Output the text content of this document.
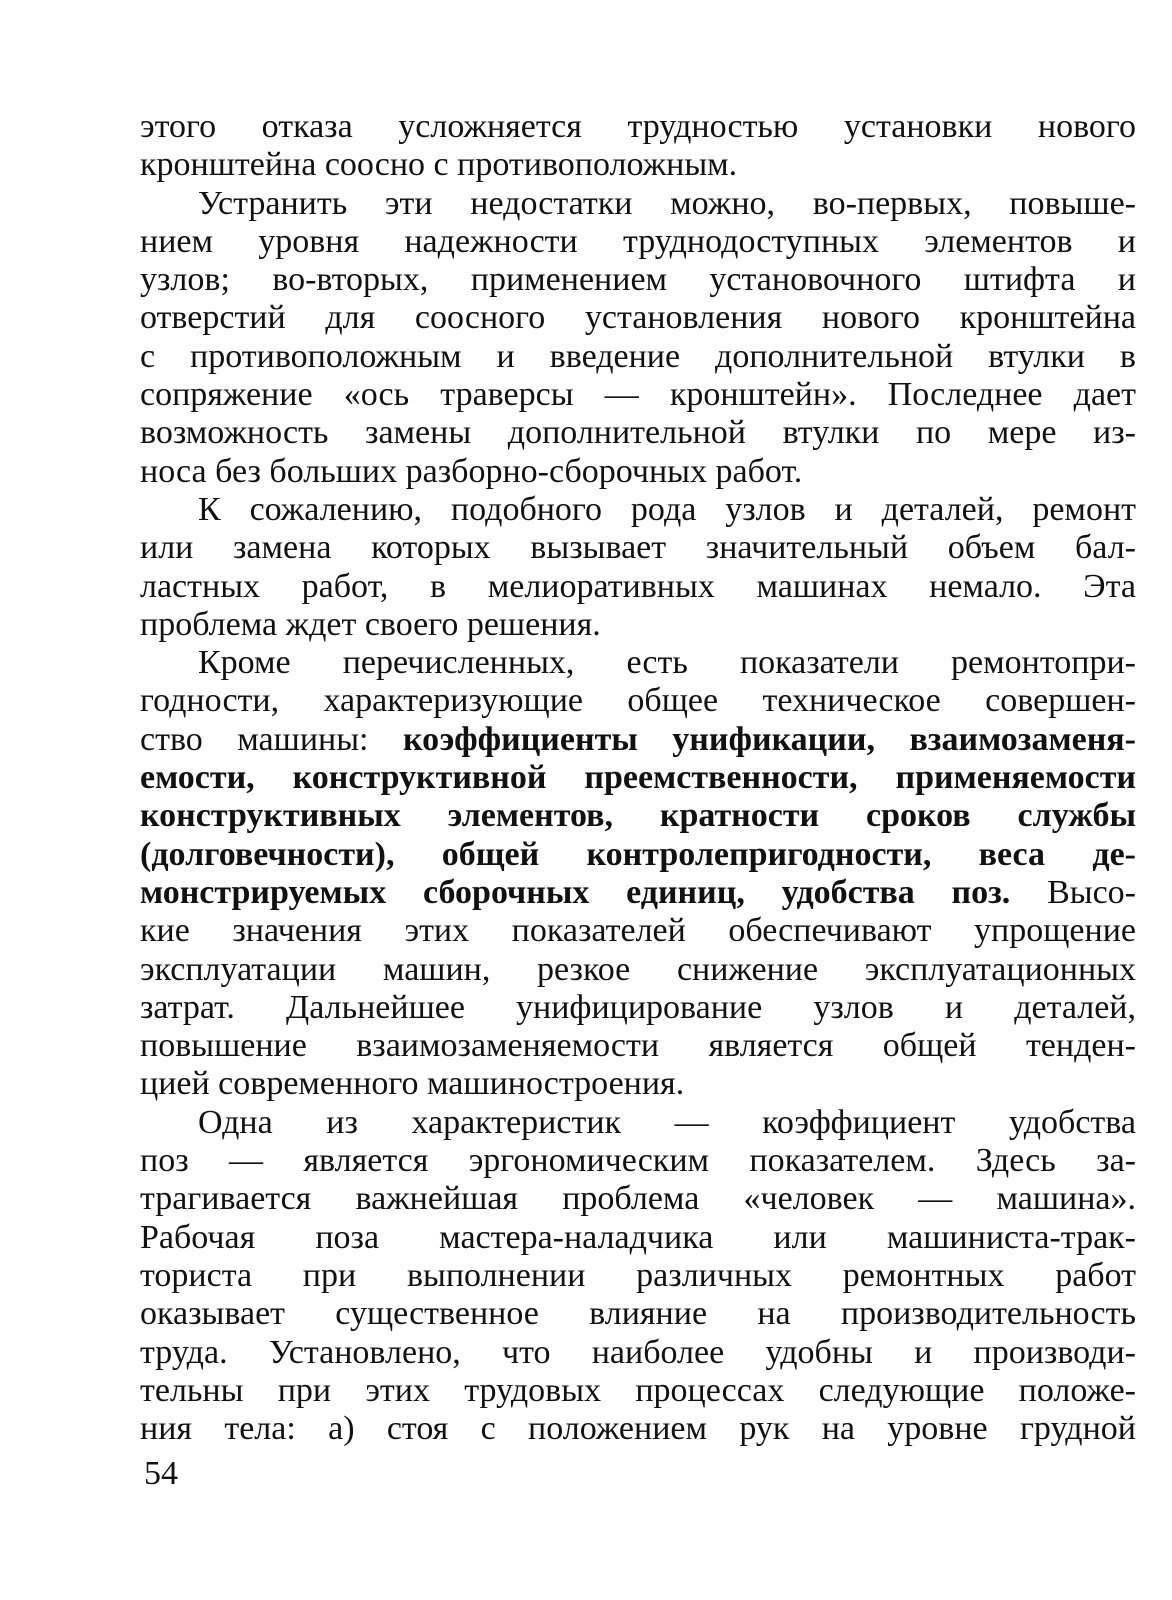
этого отказа усложняется трудностью установки нового
кронштейна соосно с противоположным.
Устранить эти недостатки можно, во-первых, повыше-
нием уровня надежности труднодоступных элементов и
узлов; во-вторых, применением установочного штифта и
отверстий для соосного установления нового кронштейна
с противоположным и введение дополнительной втулки в
сопряжение «ось траверсы — кронштейн». Последнее дает
возможность замены дополнительной втулки по мере из-
носа без больших разборно-сборочных работ.
К сожалению, подобного рода узлов и деталей, ремонт
или замена которых вызывает значительный объем бал-
ластных работ, в мелиоративных машинах немало. Эта
проблема ждет своего решения.
Кроме перечисленных, есть показатели ремонтопри-
годности, характеризующие общее техническое совершен-
ство машины: коэффициенты унификации, взаимозаменя-
емости, конструктивной преемственности, применяемости
конструктивных элементов, кратности сроков службы
(долговечности), общей контролепригодности, веса де-
монстрируемых сборочных единиц, удобства поз. Высо-
кие значения этих показателей обеспечивают упрощение
эксплуатации машин, резкое снижение эксплуатационных
затрат. Дальнейшее унифицирование узлов и деталей,
повышение взаимозаменяемости является общей тенден-
цией современного машиностроения.
Одна из характеристик — коэффициент удобства
поз — является эргономическим показателем. Здесь за-
трагивается важнейшая проблема «человек — машина».
Рабочая поза мастера-наладчика или машиниста-трак-
ториста при выполнении различных ремонтных работ
оказывает существенное влияние на производительность
труда. Установлено, что наиболее удобны и производи-
тельны при этих трудовых процессах следующие положе-
ния тела: а) стоя с положением рук на уровне грудной
54
